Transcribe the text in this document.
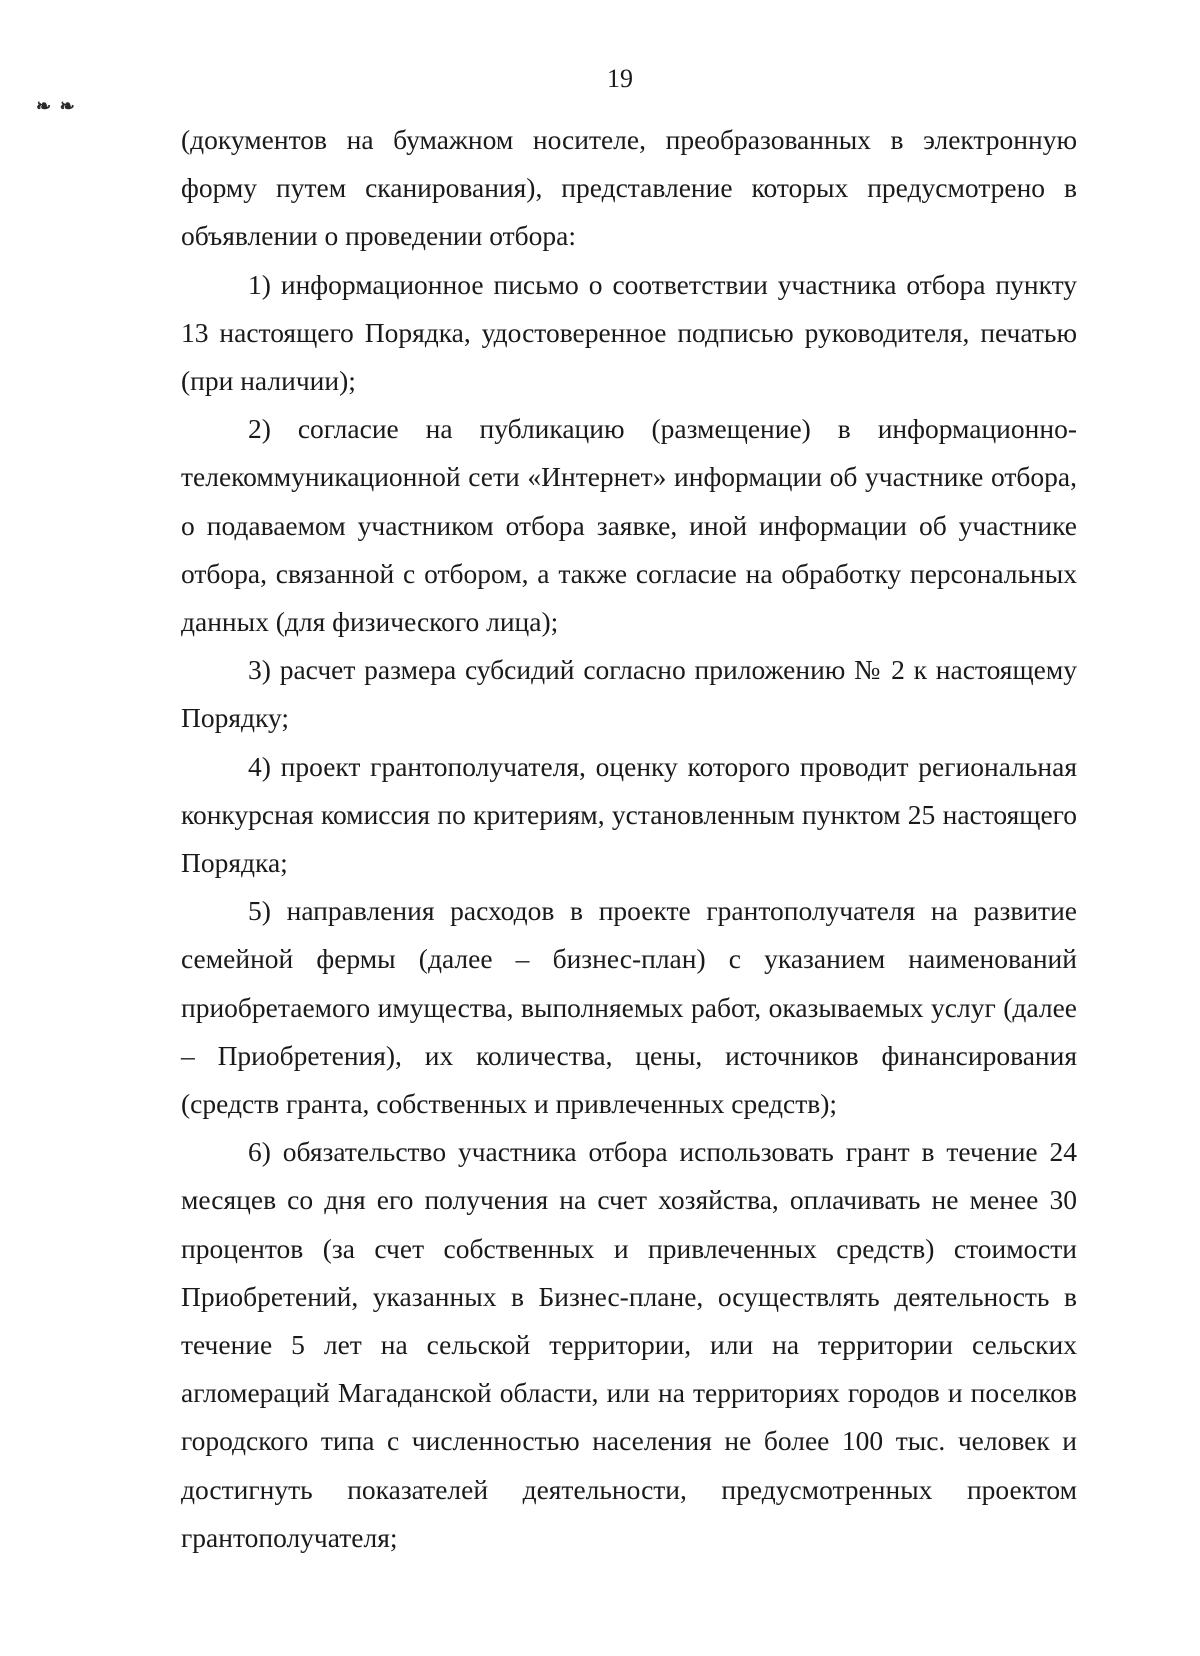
❧ ❧
19

(документов на бумажном носителе, преобразованных в электронную форму путем сканирования), представление которых предусмотрено в объявлении о проведении отбора:

1) информационное письмо о соответствии участника отбора пункту 13 настоящего Порядка, удостоверенное подписью руководителя, печатью (при наличии);

2) согласие на публикацию (размещение) в информационно-телекоммуникационной сети «Интернет» информации об участнике отбора, о подаваемом участником отбора заявке, иной информации об участнике отбора, связанной с отбором, а также согласие на обработку персональных данных (для физического лица);

3) расчет размера субсидий согласно приложению № 2 к настоящему Порядку;

4) проект грантополучателя, оценку которого проводит региональная конкурсная комиссия по критериям, установленным пунктом 25 настоящего Порядка;

5) направления расходов в проекте грантополучателя на развитие семейной фермы (далее – бизнес-план) с указанием наименований приобретаемого имущества, выполняемых работ, оказываемых услуг (далее – Приобретения), их количества, цены, источников финансирования (средств гранта, собственных и привлеченных средств);

6) обязательство участника отбора использовать грант в течение 24 месяцев со дня его получения на счет хозяйства, оплачивать не менее 30 процентов (за счет собственных и привлеченных средств) стоимости Приобретений, указанных в Бизнес-плане, осуществлять деятельность в течение 5 лет на сельской территории, или на территории сельских агломераций Магаданской области, или на территориях городов и поселков городского типа с численностью населения не более 100 тыс. человек и достигнуть показателей деятельности, предусмотренных проектом грантополучателя;
